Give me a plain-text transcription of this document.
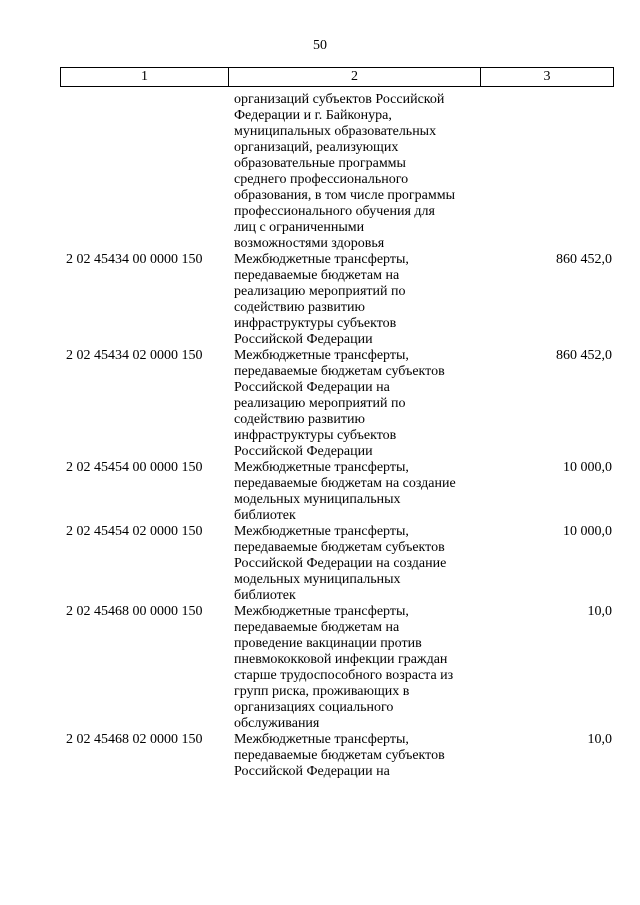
50
1	2	3
организаций субъектов Российской
Федерации и г. Байконура,
муниципальных образовательных
организаций, реализующих
образовательные программы
среднего профессионального
образования, в том числе программы
профессионального обучения для
лиц с ограниченными
возможностями здоровья
2 02 45434 00 0000 150 Межбюджетные трансферты,
передаваемые бюджетам на
реализацию мероприятий по
содействию развитию
инфраструктуры субъектов
Российской Федерации
860 452,0
2 02 45434 02 0000 150 Межбюджетные трансферты,
передаваемые бюджетам субъектов
Российской Федерации на
реализацию мероприятий по
содействию развитию
инфраструктуры субъектов
Российской Федерации
860 452,0
2 02 45454 00 0000 150 Межбюджетные трансферты,
передаваемые бюджетам на создание
модельных муниципальных
библиотек
10 000,0
2 02 45454 02 0000 150 Межбюджетные трансферты,
передаваемые бюджетам субъектов
Российской Федерации на создание
модельных муниципальных
библиотек
10 000,0
2 02 45468 00 0000 150 Межбюджетные трансферты,
передаваемые бюджетам на
проведение вакцинации против
пневмококковой инфекции граждан
старше трудоспособного возраста из
групп риска, проживающих в
организациях социального
обслуживания
10,0
2 02 45468 02 0000 150 Межбюджетные трансферты,
передаваемые бюджетам субъектов
Российской Федерации на
10,0
